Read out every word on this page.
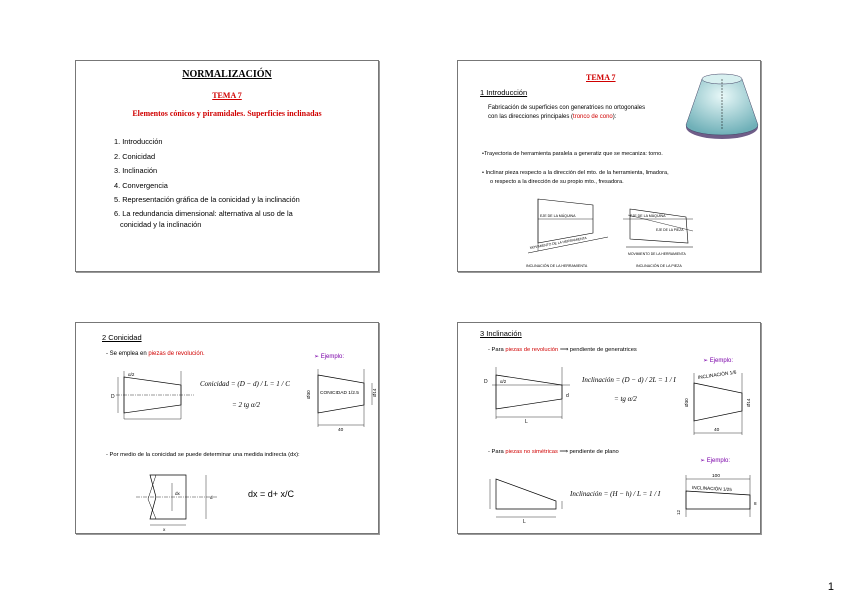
NORMALIZACIÓN
TEMA 7
Elementos cónicos y piramidales. Superficies inclinadas
1. Introducción
2. Conicidad
3. Inclinación
4. Convergencia
5. Representación gráfica de la conicidad y la inclinación
6. La redundancia dimensional: alternativa al uso de la
conicidad y la inclinación
TEMA 7
1 Introducción
Fabricación de superficies con generatrices no ortogonales
con las direcciones principales (tronco de cono):
•Trayectoria de herramienta paralela a generatiz que se mecaniza: torno.
• Inclinar pieza respecto a la dirección del mto. de la herramienta, limadora,
o respecto a la dirección de su propio mto., fresadora.
EJE DE LA MÁQUINA
MOVIMIENTO DE LA HERRAMIENTA
INCLINACIÓN DE LA HERRAMIENTA
EJE DE LA MÁQUINA
EJE DE LA PIEZA
MOVIMIENTO DE LA HERRAMIENTA
INCLINACIÓN DE LA PIEZA
2 Conicidad
- Se emplea en piezas de revolución.	➢ Ejemplo:
D
α/2
Conicidad = (D − d) / L = 1 / C
= 2 tg α/2
CONICIDAD 1/2.5
Ø30	Ø14
40
- Por medio de la conicidad se puede determinar una medida indirecta (dx):
dx
d
x
dx = d+ x/C
3 Inclinación
- Para piezas de revolución ⟹ pendiente de generatrices
➢ Ejemplo:
D
d
L
α/2	Inclinación = (D − d) / 2L = 1 / I
= tg α/2
INCLINACIÓN 1/6
Ø30	Ø14
40
- Para piezas no simétricas ⟹ pendiente de plano
➢ Ejemplo:
L
Inclinación = (H − h) / L = 1 / I
INCLINACIÓN 1/25
100
12
8
1
